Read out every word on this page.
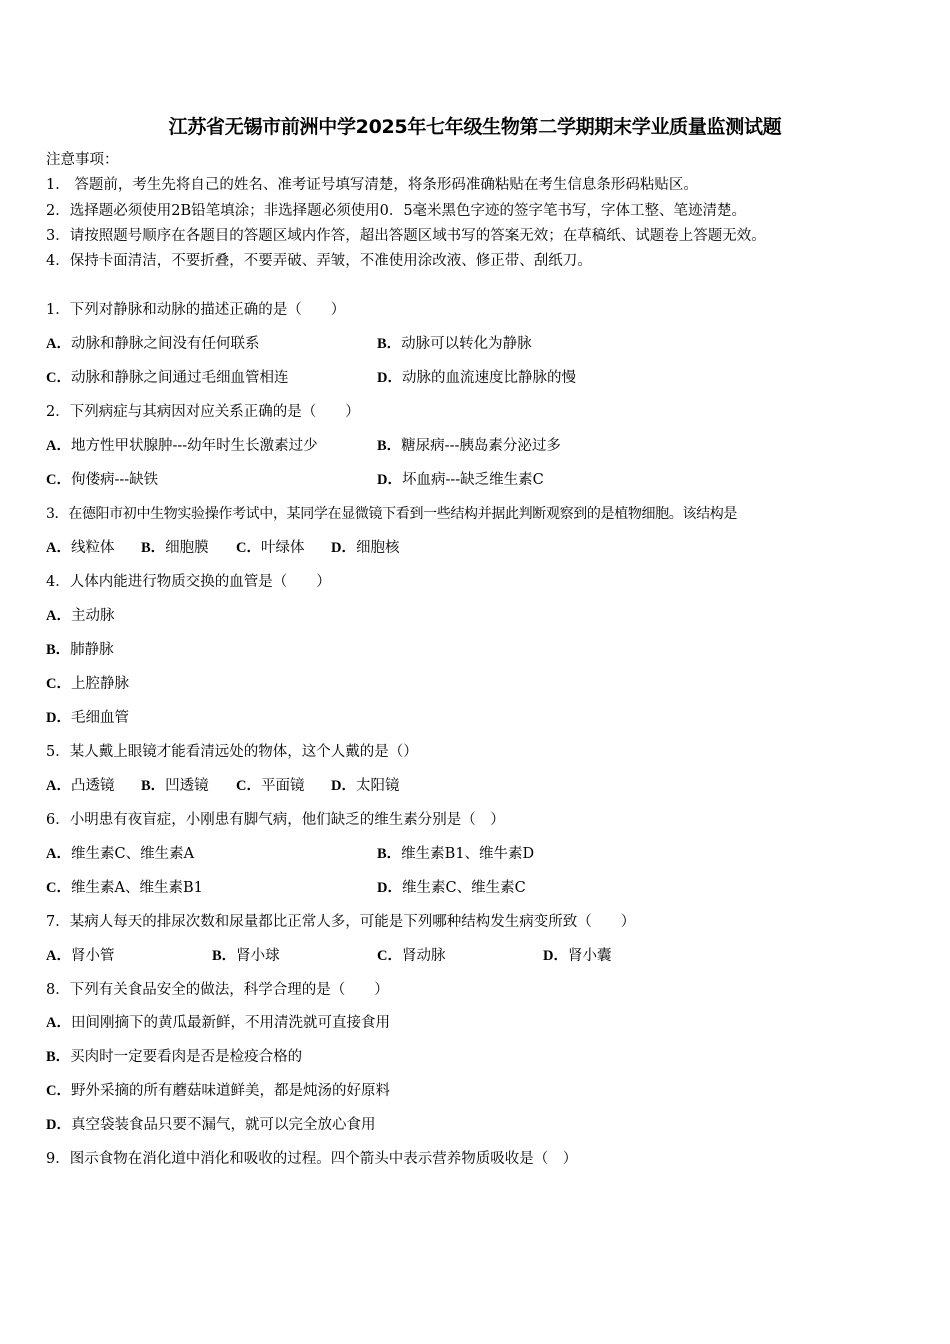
江苏省无锡市前洲中学2025年七年级生物第二学期期末学业质量监测试题
注意事项：
1． 答题前，考生先将自己的姓名、准考证号填写清楚，将条形码准确粘贴在考生信息条形码粘贴区。
2．选择题必须使用2B铅笔填涂；非选择题必须使用0．5毫米黑色字迹的签字笔书写，字体工整、笔迹清楚。
3．请按照题号顺序在各题目的答题区域内作答，超出答题区域书写的答案无效；在草稿纸、试题卷上答题无效。
4．保持卡面清洁，不要折叠，不要弄破、弄皱，不准使用涂改液、修正带、刮纸刀。
1．下列对静脉和动脉的描述正确的是（　　）
A．动脉和静脉之间没有任何联系	B．动脉可以转化为静脉
C．动脉和静脉之间通过毛细血管相连	D．动脉的血流速度比静脉的慢
2．下列病症与其病因对应关系正确的是（　　）
A．地方性甲状腺肿---幼年时生长激素过少	B．糖尿病---胰岛素分泌过多
C．佝偻病---缺铁	D．坏血病---缺乏维生素C
3．在德阳市初中生物实验操作考试中，某同学在显微镜下看到一些结构并据此判断观察到的是植物细胞。该结构是
A．线粒体 B．细胞膜 C．叶绿体 D．细胞核
4．人体内能进行物质交换的血管是（　　）
A．主动脉
B．肺静脉
C．上腔静脉
D．毛细血管
5．某人戴上眼镜才能看清远处的物体，这个人戴的是（）
A．凸透镜 B．凹透镜 C．平面镜 D．太阳镜
6．小明患有夜盲症，小刚患有脚气病，他们缺乏的维生素分别是（　）
A．维生素C、维生素A	B．维生素B1、维牛素D
C．维生素A、维生素B1	D．维生素C、维生素C
7．某病人每天的排尿次数和尿量都比正常人多，可能是下列哪种结构发生病变所致（　　）
A．肾小管	B．肾小球	C．肾动脉	D．肾小囊
8．下列有关食品安全的做法，科学合理的是（　　）
A．田间刚摘下的黄瓜最新鲜，不用清洗就可直接食用
B．买肉时一定要看肉是否是检疫合格的
C．野外采摘的所有蘑菇味道鲜美，都是炖汤的好原料
D．真空袋装食品只要不漏气，就可以完全放心食用
9．图示食物在消化道中消化和吸收的过程。四个箭头中表示营养物质吸收是（　）
